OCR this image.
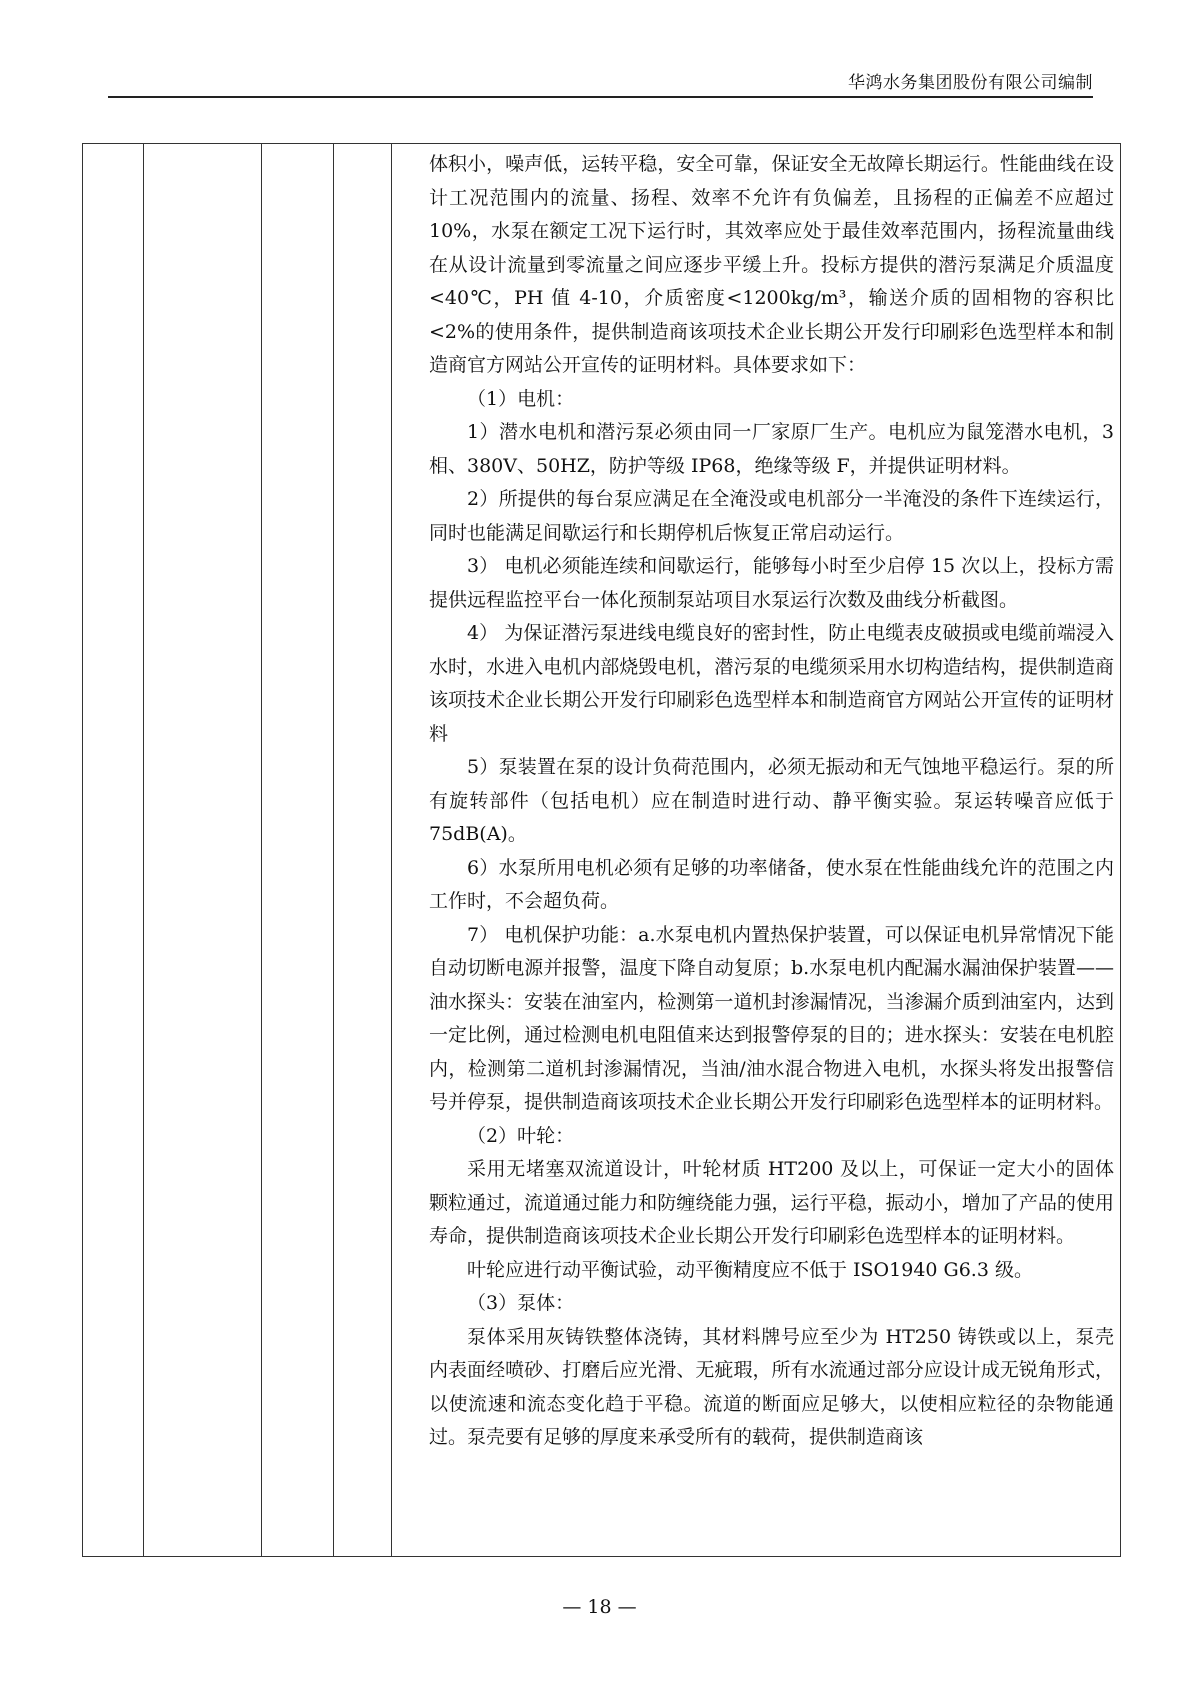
华鸿水务集团股份有限公司编制

体积小，噪声低，运转平稳，安全可靠，保证安全无故障长期运行。性能曲线在设计工况范围内的流量、扬程、效率不允许有负偏差，且扬程的正偏差不应超过 10%，水泵在额定工况下运行时，其效率应处于最佳效率范围内，扬程流量曲线在从设计流量到零流量之间应逐步平缓上升。投标方提供的潜污泵满足介质温度<40℃，PH 值 4-10，介质密度<1200kg/m³，输送介质的固相物的容积比<2%的使用条件，提供制造商该项技术企业长期公开发行印刷彩色选型样本和制造商官方网站公开宣传的证明材料。具体要求如下：

（1）电机：

1）潜水电机和潜污泵必须由同一厂家原厂生产。电机应为鼠笼潜水电机，3 相、380V、50HZ，防护等级 IP68，绝缘等级 F，并提供证明材料。

2）所提供的每台泵应满足在全淹没或电机部分一半淹没的条件下连续运行，同时也能满足间歇运行和长期停机后恢复正常启动运行。

3） 电机必须能连续和间歇运行，能够每小时至少启停 15 次以上，投标方需提供远程监控平台一体化预制泵站项目水泵运行次数及曲线分析截图。

4） 为保证潜污泵进线电缆良好的密封性，防止电缆表皮破损或电缆前端浸入水时，水进入电机内部烧毁电机，潜污泵的电缆须采用水切构造结构，提供制造商该项技术企业长期公开发行印刷彩色选型样本和制造商官方网站公开宣传的证明材料

5）泵装置在泵的设计负荷范围内，必须无振动和无气蚀地平稳运行。泵的所有旋转部件（包括电机）应在制造时进行动、静平衡实验。泵运转噪音应低于 75dB(A)。

6）水泵所用电机必须有足够的功率储备，使水泵在性能曲线允许的范围之内工作时，不会超负荷。

7） 电机保护功能：a.水泵电机内置热保护装置，可以保证电机异常情况下能自动切断电源并报警，温度下降自动复原；b.水泵电机内配漏水漏油保护装置——油水探头：安装在油室内，检测第一道机封渗漏情况，当渗漏介质到油室内，达到一定比例，通过检测电机电阻值来达到报警停泵的目的；进水探头：安装在电机腔内，检测第二道机封渗漏情况，当油/油水混合物进入电机，水探头将发出报警信号并停泵，提供制造商该项技术企业长期公开发行印刷彩色选型样本的证明材料。

（2）叶轮：

采用无堵塞双流道设计，叶轮材质 HT200 及以上，可保证一定大小的固体颗粒通过，流道通过能力和防缠绕能力强，运行平稳，振动小，增加了产品的使用寿命，提供制造商该项技术企业长期公开发行印刷彩色选型样本的证明材料。

叶轮应进行动平衡试验，动平衡精度应不低于 ISO1940 G6.3 级。

（3）泵体：

泵体采用灰铸铁整体浇铸，其材料牌号应至少为 HT250 铸铁或以上，泵壳内表面经喷砂、打磨后应光滑、无疵瑕，所有水流通过部分应设计成无锐角形式，以使流速和流态变化趋于平稳。流道的断面应足够大，以使相应粒径的杂物能通过。泵壳要有足够的厚度来承受所有的载荷，提供制造商该

— 18 —
